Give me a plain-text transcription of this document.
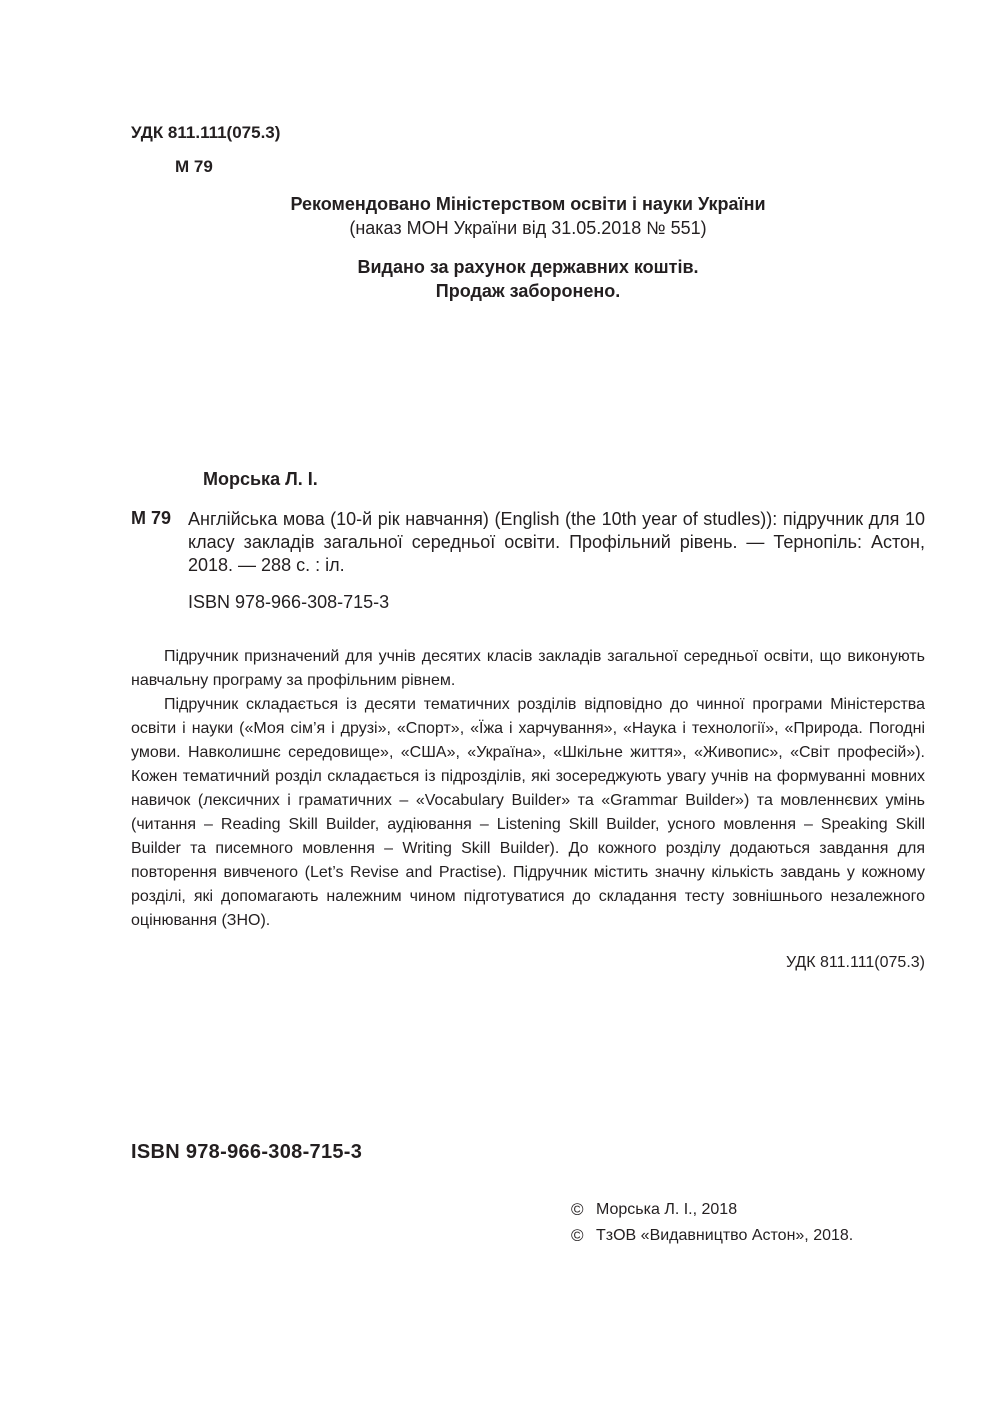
УДК 811.111(075.3)
М 79
Рекомендовано Міністерством освіти і науки України
(наказ МОН України від 31.05.2018 № 551)
Видано за рахунок державних коштів.
Продаж заборонено.
Морська Л. І.
М 79 Англійська мова (10-й рік навчання) (English (the 10th year of studles)): підручник для 10 класу закладів загальної середньої освіти. Профільний рівень. — Тернопіль: Астон, 2018. — 288 с. : іл.
ISBN 978-966-308-715-3

Підручник призначений для учнів десятих класів закладів загальної середньої освіти, що виконують навчальну програму за профільним рівнем.

Підручник складається із десяти тематичних розділів відповідно до чинної програми Міністерства освіти і науки («Моя сім’я і друзі», «Спорт», «Їжа і харчування», «Наука і технології», «Природа. Погодні умови. Навколишнє середовище», «США», «Україна», «Шкільне життя», «Живопис», «Світ професій»). Кожен тематичний розділ складається із підрозділів, які зосереджують увагу учнів на формуванні мовних навичок (лексичних і граматичних – «Vocabulary Builder» та «Grammar Builder») та мовленнєвих умінь (читання – Reading Skill Builder, аудіювання – Listening Skill Builder, усного мовлення – Speaking Skill Builder та писемного мовлення – Writing Skill Builder). До кожного розділу додаються завдання для повторення вивченого (Let’s Revise and Practise). Підручник містить значну кількість завдань у кожному розділі, які допомагають належним чином підготуватися до складання тесту зовнішнього незалежного оцінювання (ЗНО).

УДК 811.111(075.3)
ISBN 978-966-308-715-3
© Морська Л. І., 2018
© ТзОВ «Видавництво Астон», 2018.
